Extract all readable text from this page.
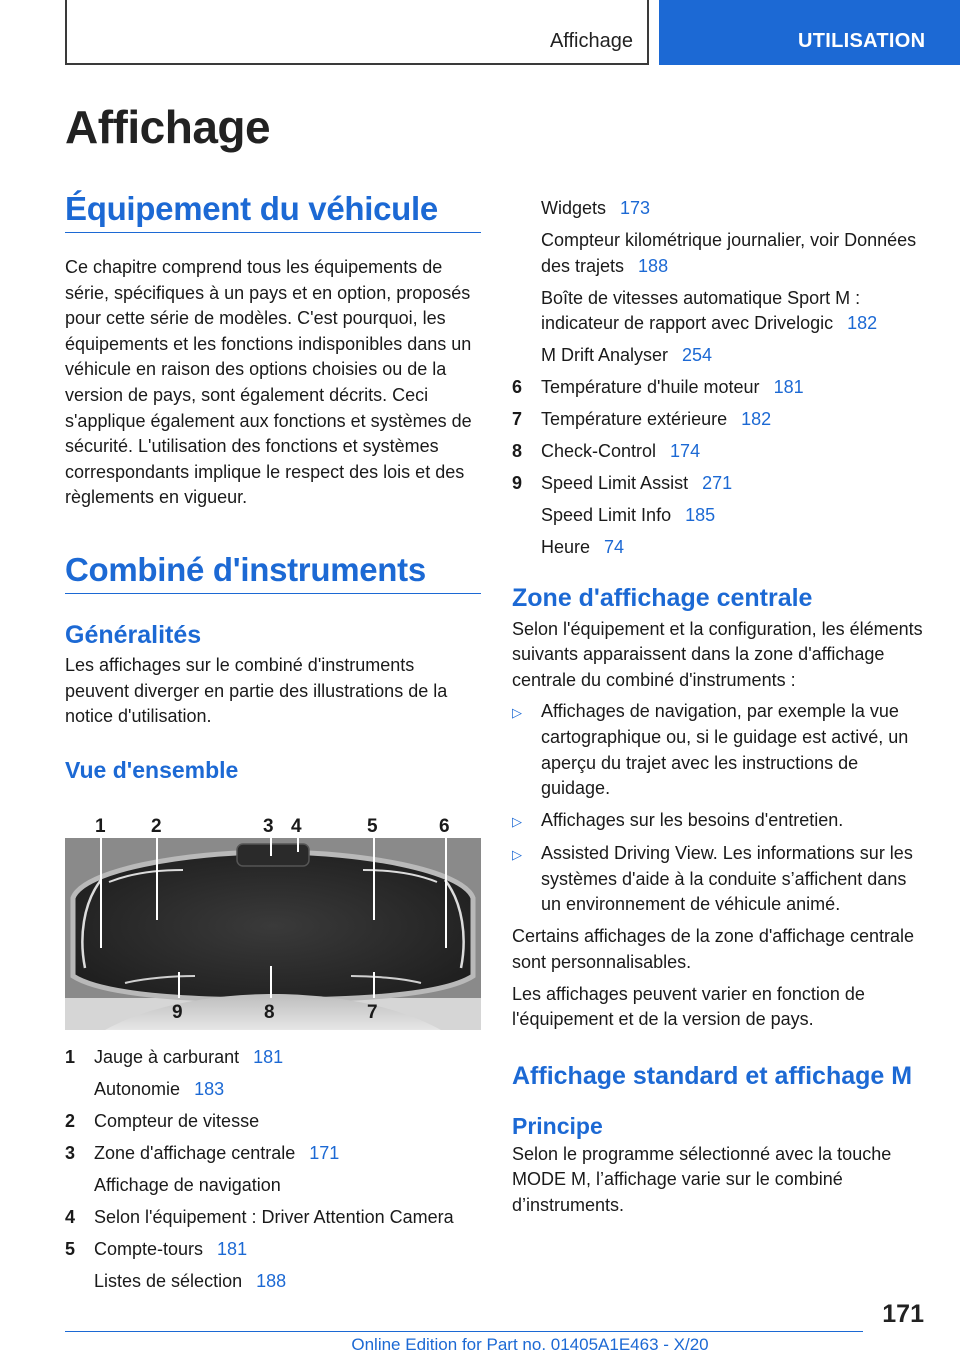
Affichage	UTILISATION
Affichage
Équipement du véhicule

Ce chapitre comprend tous les équipements de série, spécifiques à un pays et en option, proposés pour cette série de modèles. C'est pourquoi, les équipements et les fonctions indisponibles dans un véhicule en raison des options choisies ou de la version de pays, sont également décrits. Ceci s'applique également aux fonctions et systèmes de sécurité. L'utilisation des fonctions et systèmes correspondants implique le respect des lois et des règlements en vigueur.

Combiné d'instruments
Généralités

Les affichages sur le combiné d'instruments peuvent diverger en partie des illustrations de la notice d'utilisation.

Vue d'ensemble
1 2	3 4	5	6
7
8
9
1	Jauge à carburant 181
Autonomie 183
2	Compteur de vitesse
3	Zone d'affichage centrale 171
Affichage de navigation
4	Selon l'équipement : Driver Attention Camera
5	Compte-tours 181
Listes de sélection 188
Widgets 173
Compteur kilométrique journalier, voir Données des trajets 188
Boîte de vitesses automatique Sport M : indicateur de rapport avec Drivelogic 182
M Drift Analyser 254
6	Température d'huile moteur 181
7	Température extérieure 182
8	Check-Control 174
9	Speed Limit Assist 271
Speed Limit Info 185
Heure 74
Zone d'affichage centrale

Selon l'équipement et la configuration, les éléments suivants apparaissent dans la zone d'affichage centrale du combiné d'instruments :

▷	Affichages de navigation, par exemple la vue cartographique ou, si le guidage est activé, un aperçu du trajet avec les instructions de guidage.
▷	Affichages sur les besoins d'entretien.
▷	Assisted Driving View. Les informations sur les systèmes d'aide à la conduite s’affichent dans un environnement de véhicule animé.

Certains affichages de la zone d'affichage centrale sont personnalisables.

Les affichages peuvent varier en fonction de l'équipement et de la version de pays.

Affichage standard et affichage M
Principe

Selon le programme sélectionné avec la touche MODE M, l’affichage varie sur le combiné d’instruments.

171
Online Edition for Part no. 01405A1E463 - X/20
